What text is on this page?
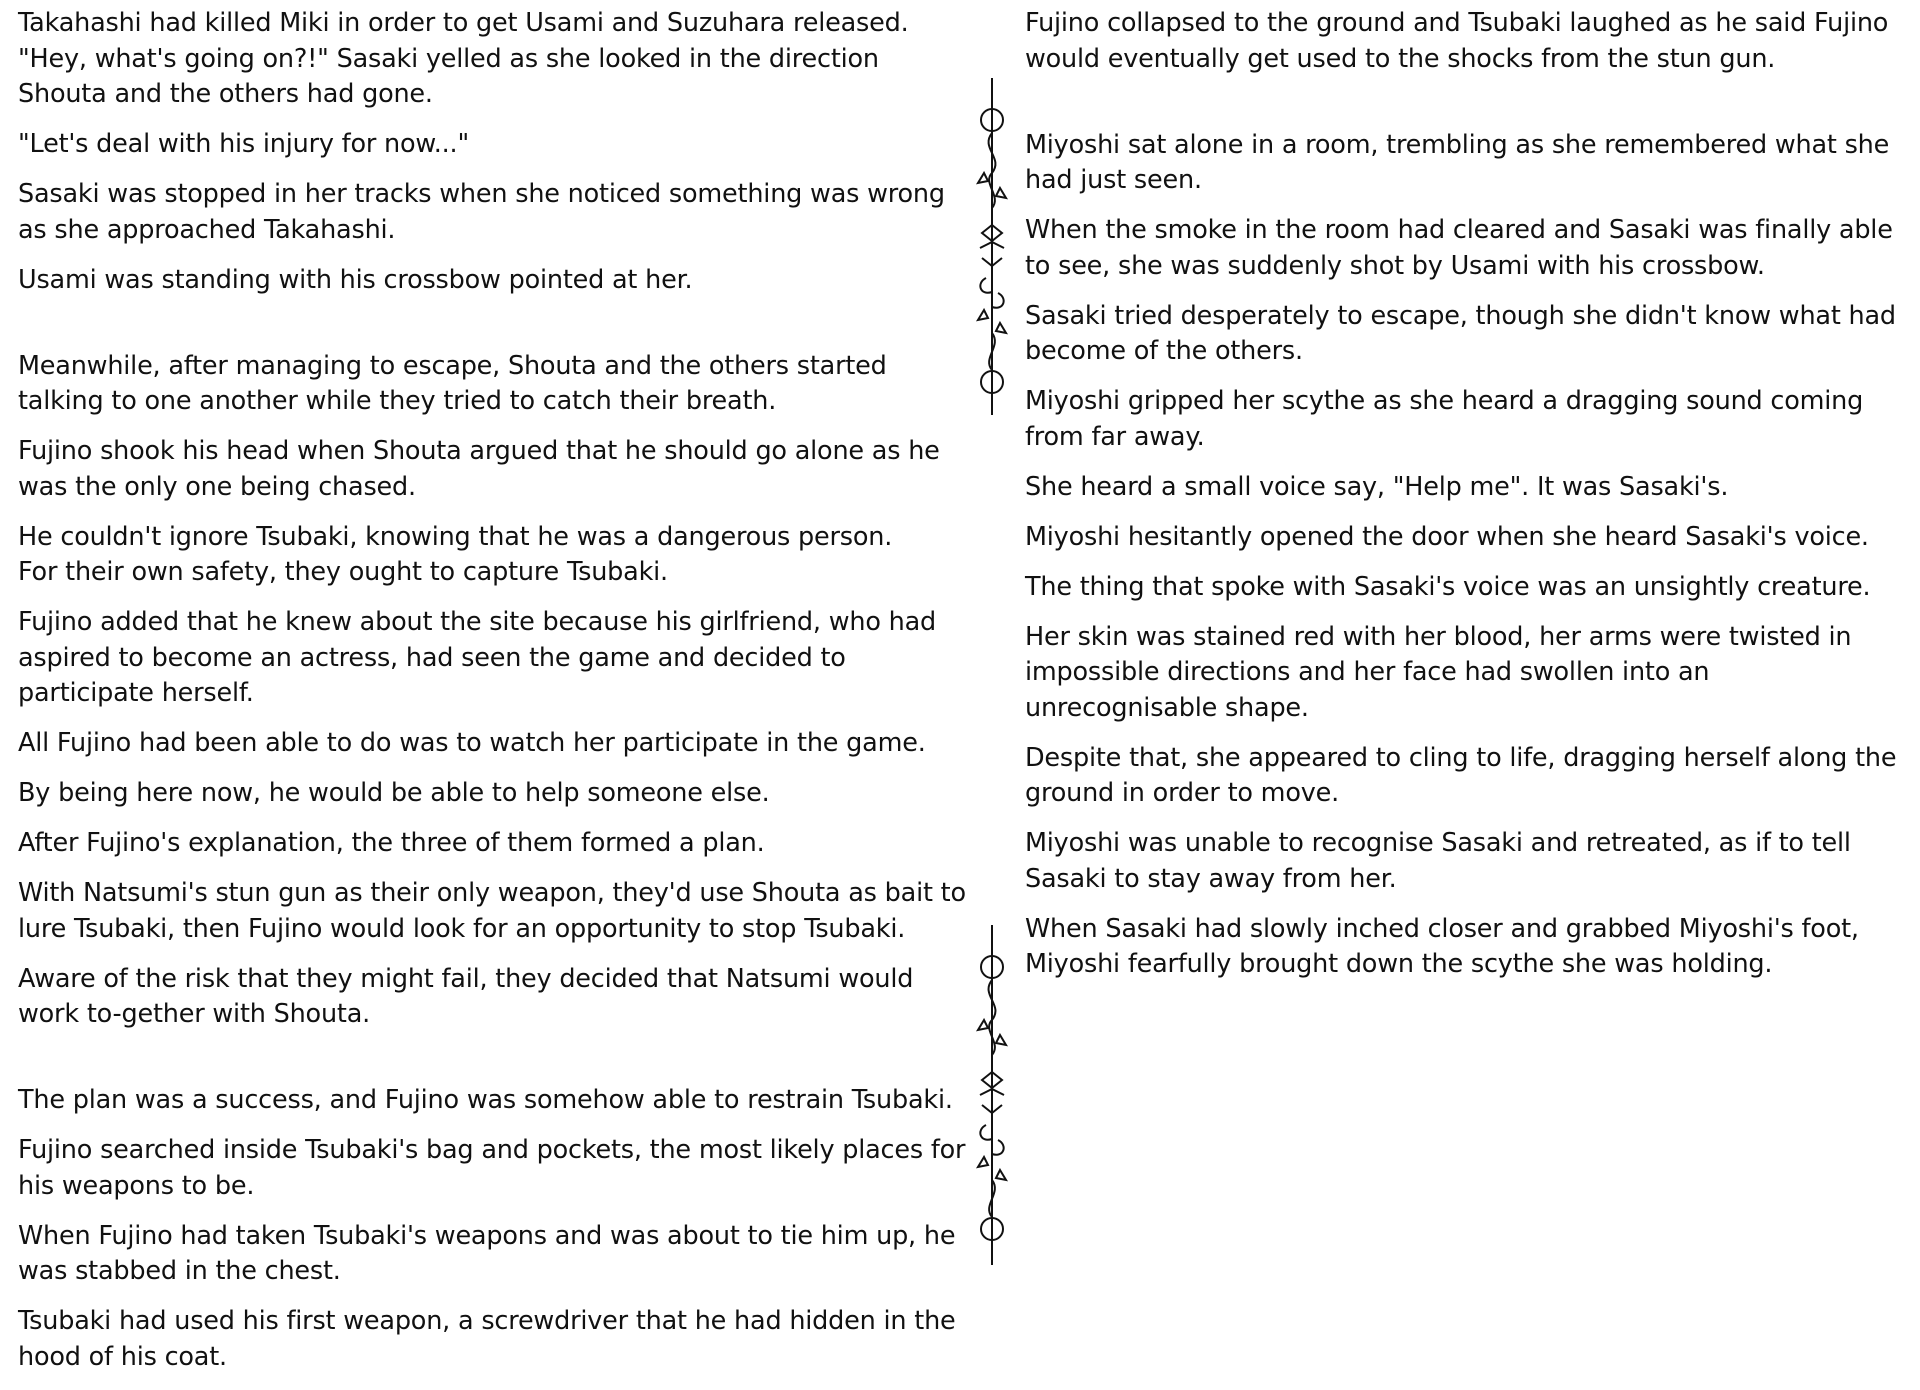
Takahashi had killed Miki in order to get Usami and Suzuhara released.
"Hey, what's going on?!" Sasaki yelled as she looked in the direction Shouta and the others had gone.

"Let's deal with his injury for now..."

Sasaki was stopped in her tracks when she noticed something was wrong as she approached Takahashi.

Usami was standing with his crossbow pointed at her.

Meanwhile, after managing to escape, Shouta and the others started talking to one another while they tried to catch their breath.

Fujino shook his head when Shouta argued that he should go alone as he was the only one being chased.

He couldn't ignore Tsubaki, knowing that he was a dangerous person.
For their own safety, they ought to capture Tsubaki.

Fujino added that he knew about the site because his girlfriend, who had aspired to become an actress, had seen the game and decided to participate herself.

All Fujino had been able to do was to watch her participate in the game.

By being here now, he would be able to help someone else.

After Fujino's explanation, the three of them formed a plan.

With Natsumi's stun gun as their only weapon, they'd use Shouta as bait to lure Tsubaki, then Fujino would look for an opportunity to stop Tsubaki.

Aware of the risk that they might fail, they decided that Natsumi would work to-gether with Shouta.

The plan was a success, and Fujino was somehow able to restrain Tsubaki.

Fujino searched inside Tsubaki's bag and pockets, the most likely places for his weapons to be.

When Fujino had taken Tsubaki's weapons and was about to tie him up, he was stabbed in the chest.

Tsubaki had used his first weapon, a screwdriver that he had hidden in the hood of his coat.

Fujino collapsed to the ground and Tsubaki laughed as he said Fujino would eventually get used to the shocks from the stun gun.

Miyoshi sat alone in a room, trembling as she remembered what she had just seen.

When the smoke in the room had cleared and Sasaki was finally able to see, she was suddenly shot by Usami with his crossbow.

Sasaki tried desperately to escape, though she didn't know what had become of the others.

Miyoshi gripped her scythe as she heard a dragging sound coming from far away.

She heard a small voice say, "Help me". It was Sasaki's.

Miyoshi hesitantly opened the door when she heard Sasaki's voice.

The thing that spoke with Sasaki's voice was an unsightly creature.

Her skin was stained red with her blood, her arms were twisted in impossible directions and her face had swollen into an unrecognisable shape.

Despite that, she appeared to cling to life, dragging herself along the ground in order to move.

Miyoshi was unable to recognise Sasaki and retreated, as if to tell Sasaki to stay away from her.

When Sasaki had slowly inched closer and grabbed Miyoshi's foot, Miyoshi fearfully brought down the scythe she was holding.
